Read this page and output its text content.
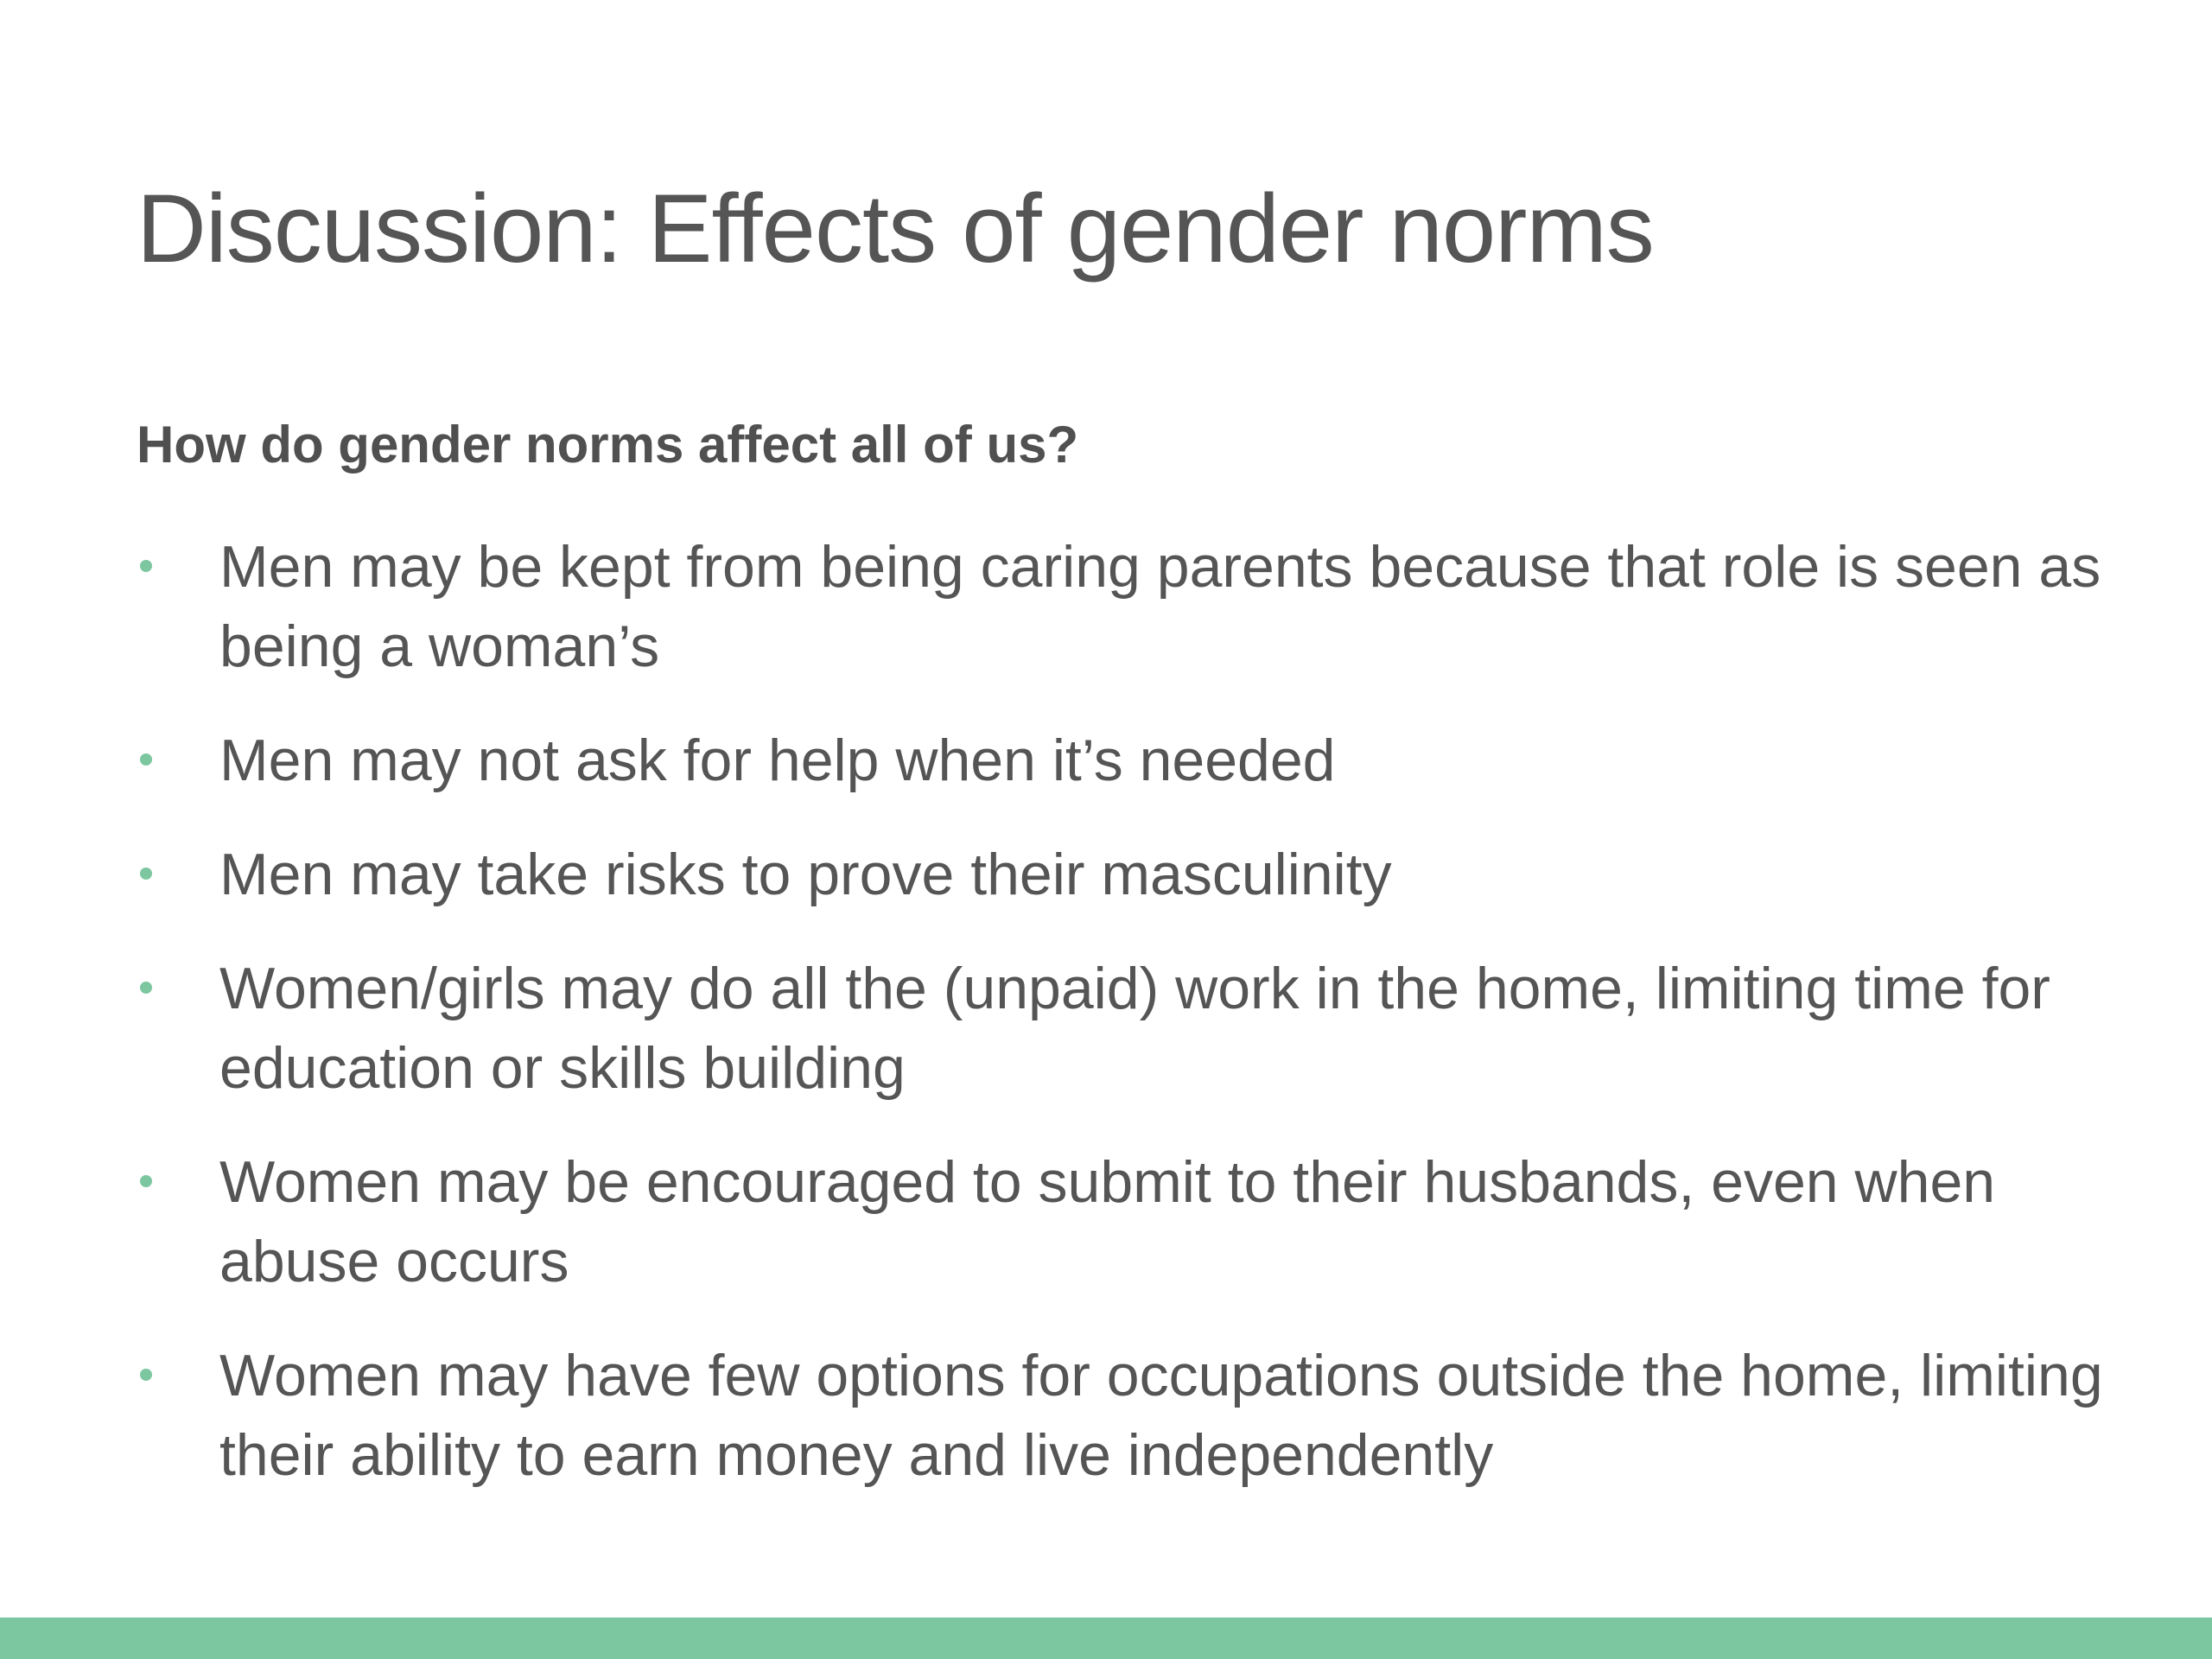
Discussion: Effects of gender norms
How do gender norms affect all of us?
Men may be kept from being caring parents because that role is seen as being a woman’s
Men may not ask for help when it’s needed
Men may take risks to prove their masculinity
Women/girls may do all the (unpaid) work in the home, limiting time for education or skills building
Women may be encouraged to submit to their husbands, even when abuse occurs
Women may have few options for occupations outside the home, limiting their ability to earn money and live independently
